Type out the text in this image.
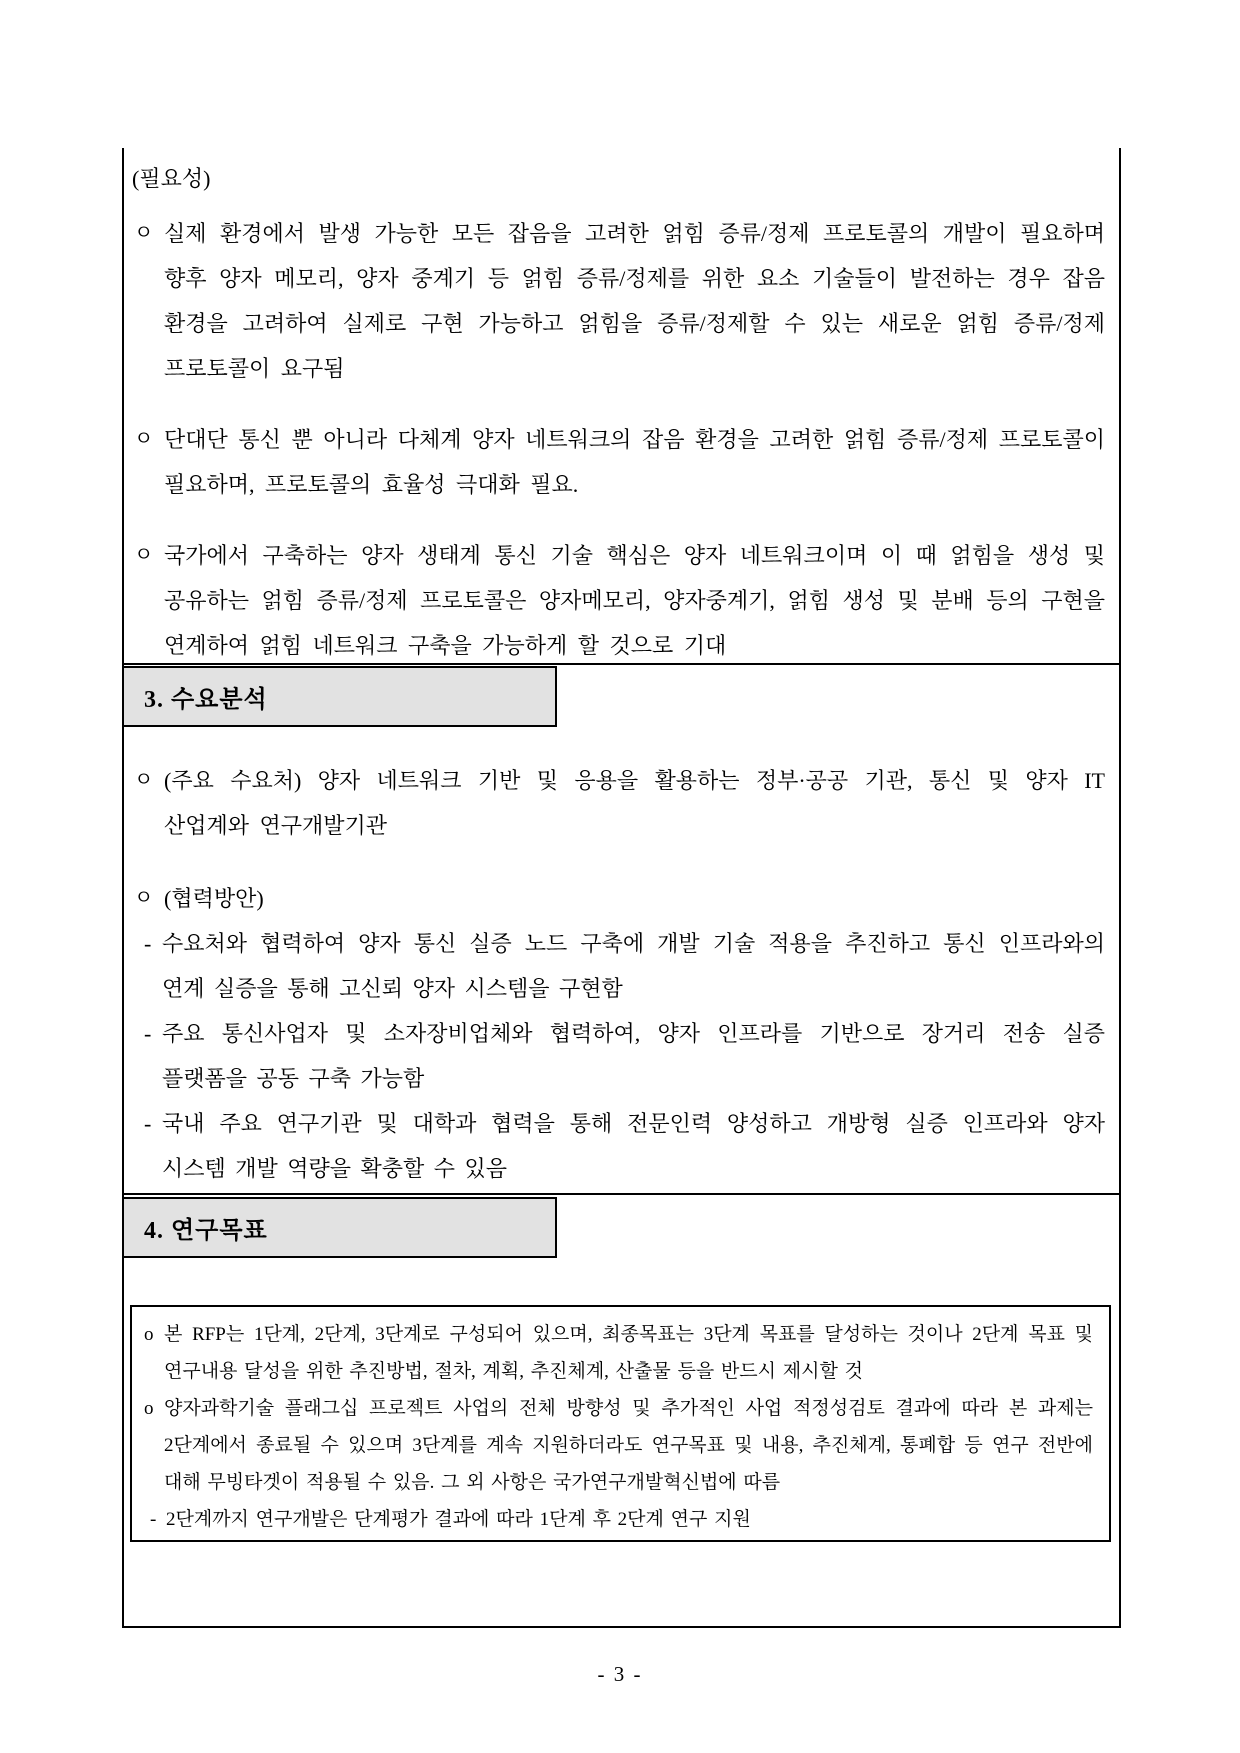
(필요성)
ㅇ 실제 환경에서 발생 가능한 모든 잡음을 고려한 얽힘 증류/정제 프로토콜의 개발이 필요하며 향후 양자 메모리, 양자 중계기 등 얽힘 증류/정제를 위한 요소 기술들이 발전하는 경우 잡음 환경을 고려하여 실제로 구현 가능하고 얽힘을 증류/정제할 수 있는 새로운 얽힘 증류/정제 프로토콜이 요구됨
ㅇ 단대단 통신 뿐 아니라 다체계 양자 네트워크의 잡음 환경을 고려한 얽힘 증류/정제 프로토콜이 필요하며, 프로토콜의 효율성 극대화 필요.
ㅇ 국가에서 구축하는 양자 생태계 통신 기술 핵심은 양자 네트워크이며 이 때 얽힘을 생성 및 공유하는 얽힘 증류/정제 프로토콜은 양자메모리, 양자중계기, 얽힘 생성 및 분배 등의 구현을 연계하여 얽힘 네트워크 구축을 가능하게 할 것으로 기대
3. 수요분석
ㅇ (주요 수요처) 양자 네트워크 기반 및 응용을 활용하는 정부·공공 기관, 통신 및 양자 IT 산업계와 연구개발기관
ㅇ (협력방안)
- 수요처와 협력하여 양자 통신 실증 노드 구축에 개발 기술 적용을 추진하고 통신 인프라와의 연계 실증을 통해 고신뢰 양자 시스템을 구현함
- 주요 통신사업자 및 소자장비업체와 협력하여, 양자 인프라를 기반으로 장거리 전송 실증 플랫폼을 공동 구축 가능함
- 국내 주요 연구기관 및 대학과 협력을 통해 전문인력 양성하고 개방형 실증 인프라와 양자 시스템 개발 역량을 확충할 수 있음
4. 연구목표
o 본 RFP는 1단계, 2단계, 3단계로 구성되어 있으며, 최종목표는 3단계 목표를 달성하는 것이나 2단계 목표 및 연구내용 달성을 위한 추진방법, 절차, 계획, 추진체계, 산출물 등을 반드시 제시할 것
o 양자과학기술 플래그십 프로젝트 사업의 전체 방향성 및 추가적인 사업 적정성검토 결과에 따라 본 과제는 2단계에서 종료될 수 있으며 3단계를 계속 지원하더라도 연구목표 및 내용, 추진체계, 통폐합 등 연구 전반에 대해 무빙타겟이 적용될 수 있음. 그 외 사항은 국가연구개발혁신법에 따름
- 2단계까지 연구개발은 단계평가 결과에 따라 1단계 후 2단계 연구 지원
- 3 -
